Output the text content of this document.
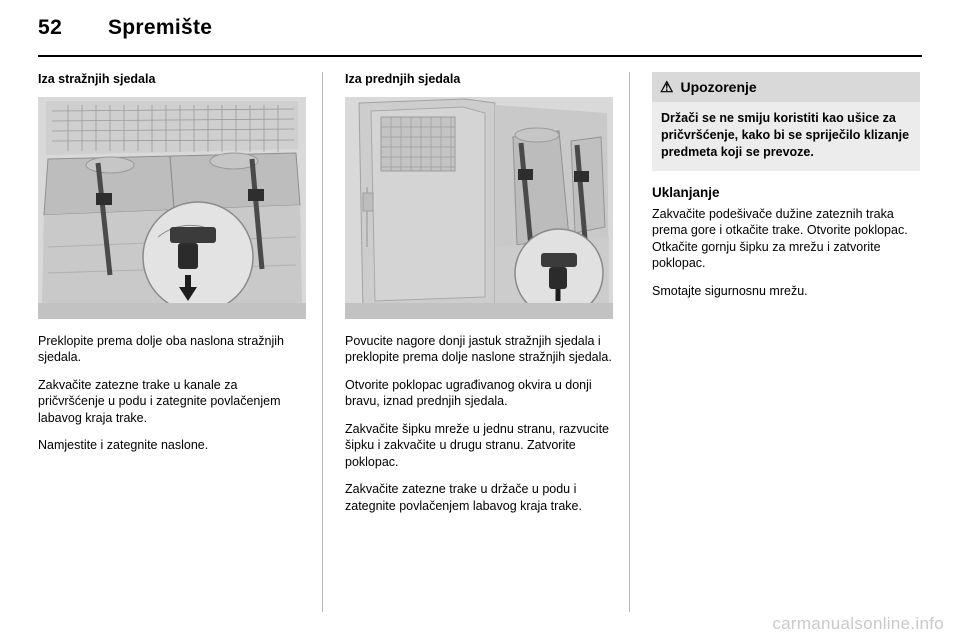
52 Spremište
Iza stražnjih sjedala

Preklopite prema dolje oba naslona stražnjih sjedala.

Zakvačite zatezne trake u kanale za pričvršćenje u podu i zategnite povlačenjem labavog kraja trake.

Namjestite i zategnite naslone.

Iza prednjih sjedala

Povucite nagore donji jastuk stražnjih sjedala i preklopite prema dolje naslone stražnjih sjedala.

Otvorite poklopac ugrađivanog okvira u donji bravu, iznad prednjih sjedala.

Zakvačite šipku mreže u jednu stranu, razvucite šipku i zakvačite u drugu stranu. Zatvorite poklopac.

Zakvačite zatezne trake u držače u podu i zategnite povlačenjem labavog kraja trake.

⚠ Upozorenje
Držači se ne smiju koristiti kao ušice za pričvršćenje, kako bi se spriječilo klizanje predmeta koji se prevoze.
Uklanjanje

Zakvačite podešivače dužine zateznih traka prema gore i otkačite trake. Otvorite poklopac. Otkačite gornju šipku za mrežu i zatvorite poklopac.

Smotajte sigurnosnu mrežu.

carmanualsonline.info
